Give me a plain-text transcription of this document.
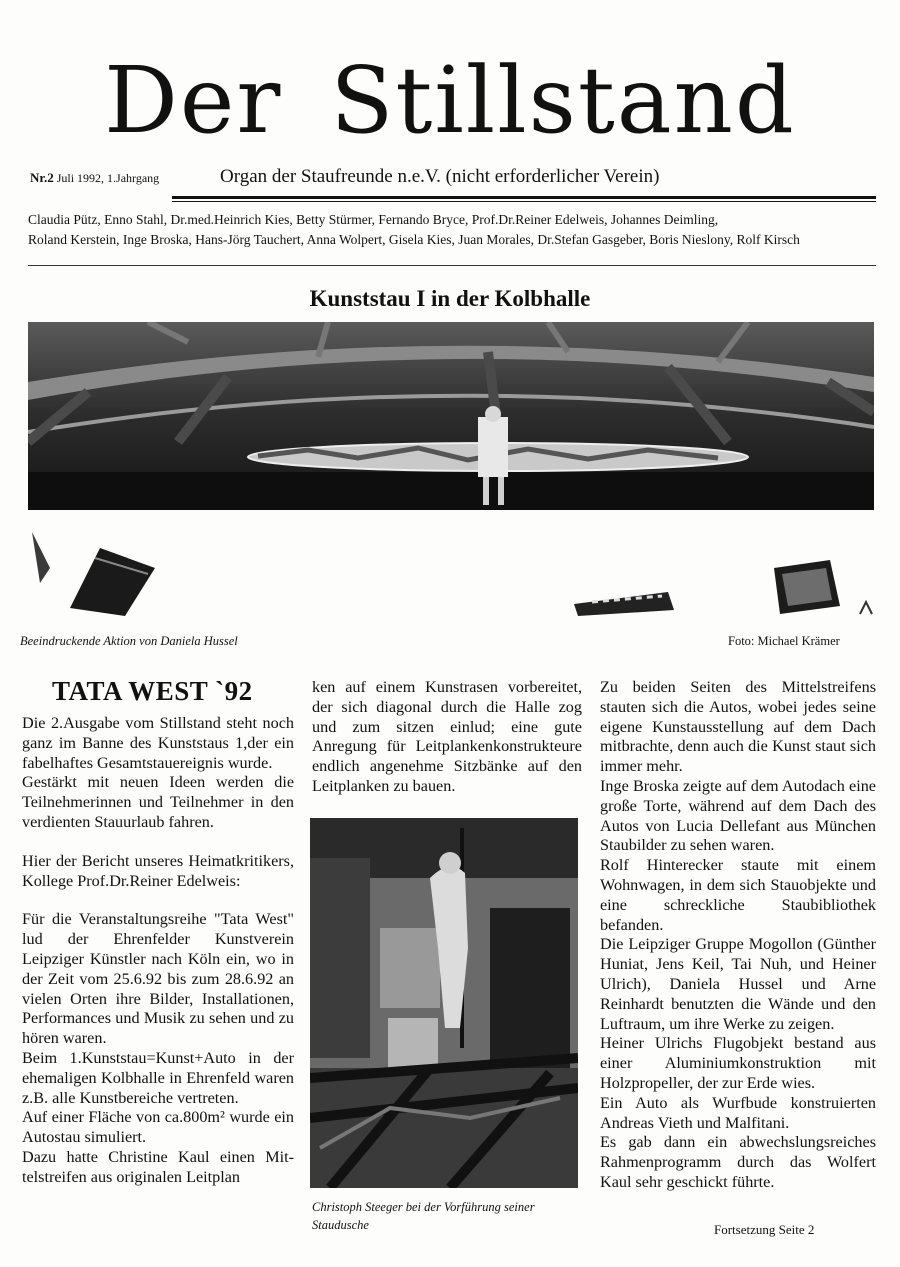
Der Stillstand
Nr.2 Juli 1992, 1.Jahrgang	Organ der Staufreunde n.e.V. (nicht erforderlicher Verein)
Claudia Pütz, Enno Stahl, Dr.med.Heinrich Kies, Betty Stürmer, Fernando Bryce, Prof.Dr.Reiner Edelweis, Johannes Deimling,
Roland Kerstein, Inge Broska, Hans-Jörg Tauchert, Anna Wolpert, Gisela Kies, Juan Morales, Dr.Stefan Gasgeber, Boris Nieslony, Rolf Kirsch
Kunststau I in der Kolbhalle
Beeindruckende Aktion von Daniela Hussel	Foto: Michael Krämer
TATA WEST `92

Die 2.Ausgabe vom Stillstand steht noch ganz im Banne des Kunststaus 1,der ein fabelhaftes Gesamtstauereignis wurde.

Gestärkt mit neuen Ideen werden die Teilnehmerinnen und Teilnehmer in den verdienten Stauurlaub fahren.

Hier der Bericht unseres Heimatkritikers, Kollege Prof.Dr.Reiner Edelweis:

Für die Veranstaltungsreihe "Tata West" lud der Ehrenfelder Kunstverein Leipziger Künstler nach Köln ein, wo in der Zeit vom 25.6.92 bis zum 28.6.92 an vielen Orten ihre Bilder, Installationen, Performances und Musik zu sehen und zu hören waren.

Beim 1.Kunststau=Kunst+Auto in der ehemaligen Kolbhalle in Ehrenfeld waren z.B. alle Kunstbereiche vertreten.

Auf einer Fläche von ca.800m² wurde ein Autostau simuliert.

Dazu hatte Christine Kaul einen Mittelstreifen aus originalen Leitplan

ken auf einem Kunstrasen vorbereitet, der sich diagonal durch die Halle zog und zum sitzen einlud; eine gute Anregung für Leitplankenkonstrukteure endlich angenehme Sitzbänke auf den Leitplanken zu bauen.

Christoph Steeger bei der Vorführung seiner Staudusche

Zu beiden Seiten des Mittelstreifens stauten sich die Autos, wobei jedes seine eigene Kunstausstellung auf dem Dach mitbrachte, denn auch die Kunst staut sich immer mehr.

Inge Broska zeigte auf dem Autodach eine große Torte, während auf dem Dach des Autos von Lucia Dellefant aus München Staubilder zu sehen waren.

Rolf Hinterecker staute mit einem Wohnwagen, in dem sich Stauobjekte und eine schreckliche Staubibliothek befanden.

Die Leipziger Gruppe Mogollon (Günther Huniat, Jens Keil, Tai Nuh, und Heiner Ulrich), Daniela Hussel und Arne Reinhardt benutzten die Wände und den Luftraum, um ihre Werke zu zeigen.

Heiner Ulrichs Flugobjekt bestand aus einer Aluminiumkonstruktion mit Holzpropeller, der zur Erde wies.

Ein Auto als Wurfbude konstruierten Andreas Vieth und Malfitani.

Es gab dann ein abwechslungsreiches Rahmenprogramm durch das Wolfert Kaul sehr geschickt führte.

Fortsetzung Seite 2
